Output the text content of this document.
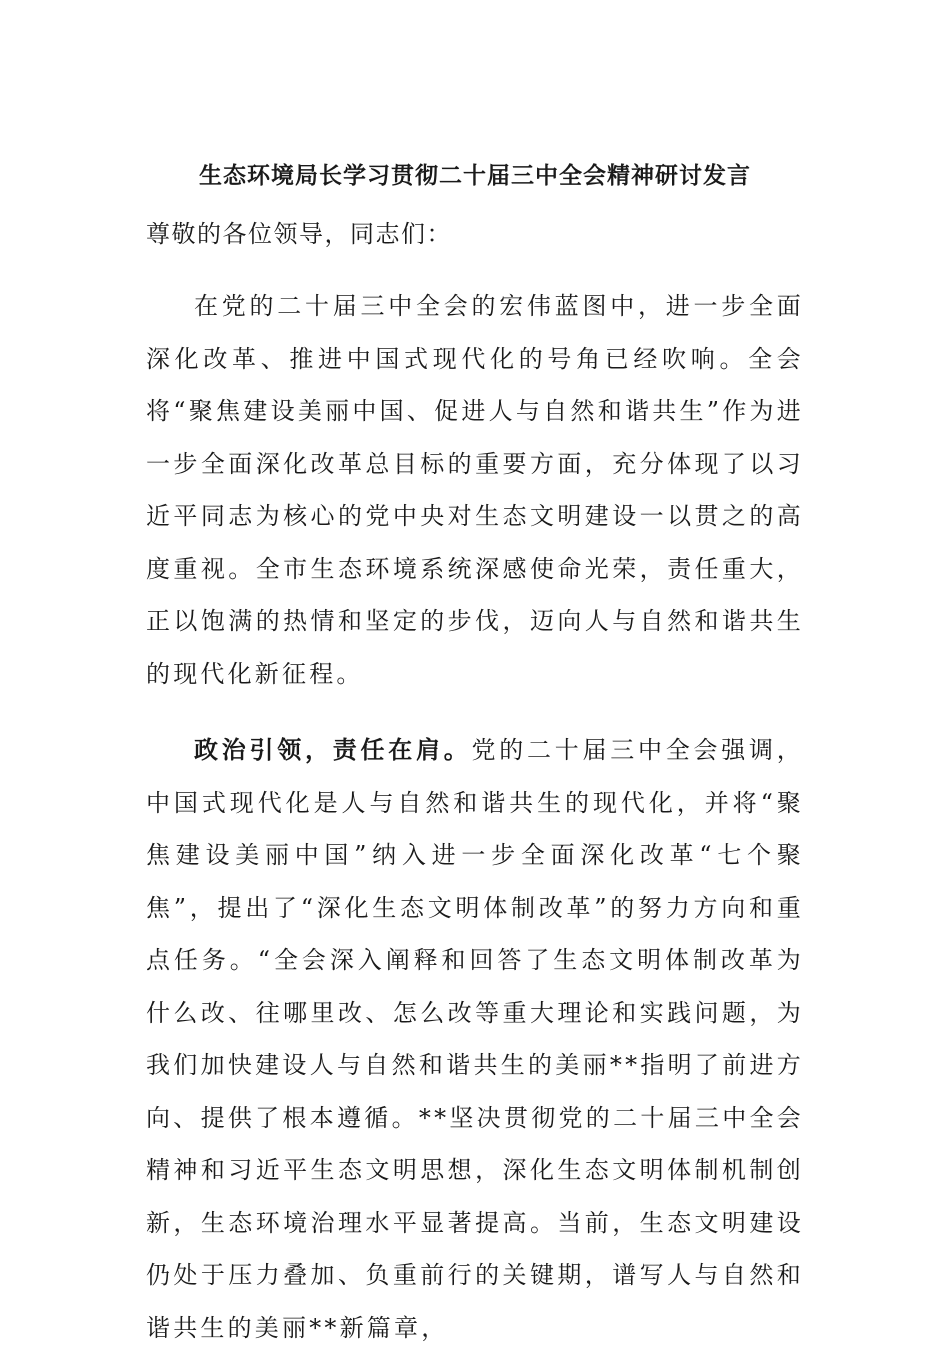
生态环境局长学习贯彻二十届三中全会精神研讨发言

尊敬的各位领导，同志们：

在党的二十届三中全会的宏伟蓝图中，进一步全面深化改革、推进中国式现代化的号角已经吹响。全会将“聚焦建设美丽中国、促进人与自然和谐共生”作为进一步全面深化改革总目标的重要方面，充分体现了以习近平同志为核心的党中央对生态文明建设一以贯之的高度重视。全市生态环境系统深感使命光荣，责任重大，正以饱满的热情和坚定的步伐，迈向人与自然和谐共生的现代化新征程。

政治引领，责任在肩。党的二十届三中全会强调，中国式现代化是人与自然和谐共生的现代化，并将“聚焦建设美丽中国”纳入进一步全面深化改革“七个聚焦”，提出了“深化生态文明体制改革”的努力方向和重点任务。“全会深入阐释和回答了生态文明体制改革为什么改、往哪里改、怎么改等重大理论和实践问题，为我们加快建设人与自然和谐共生的美丽**指明了前进方向、提供了根本遵循。**坚决贯彻党的二十届三中全会精神和习近平生态文明思想，深化生态文明体制机制创新，生态环境治理水平显著提高。当前，生态文明建设仍处于压力叠加、负重前行的关键期，谱写人与自然和谐共生的美丽**新篇章，
